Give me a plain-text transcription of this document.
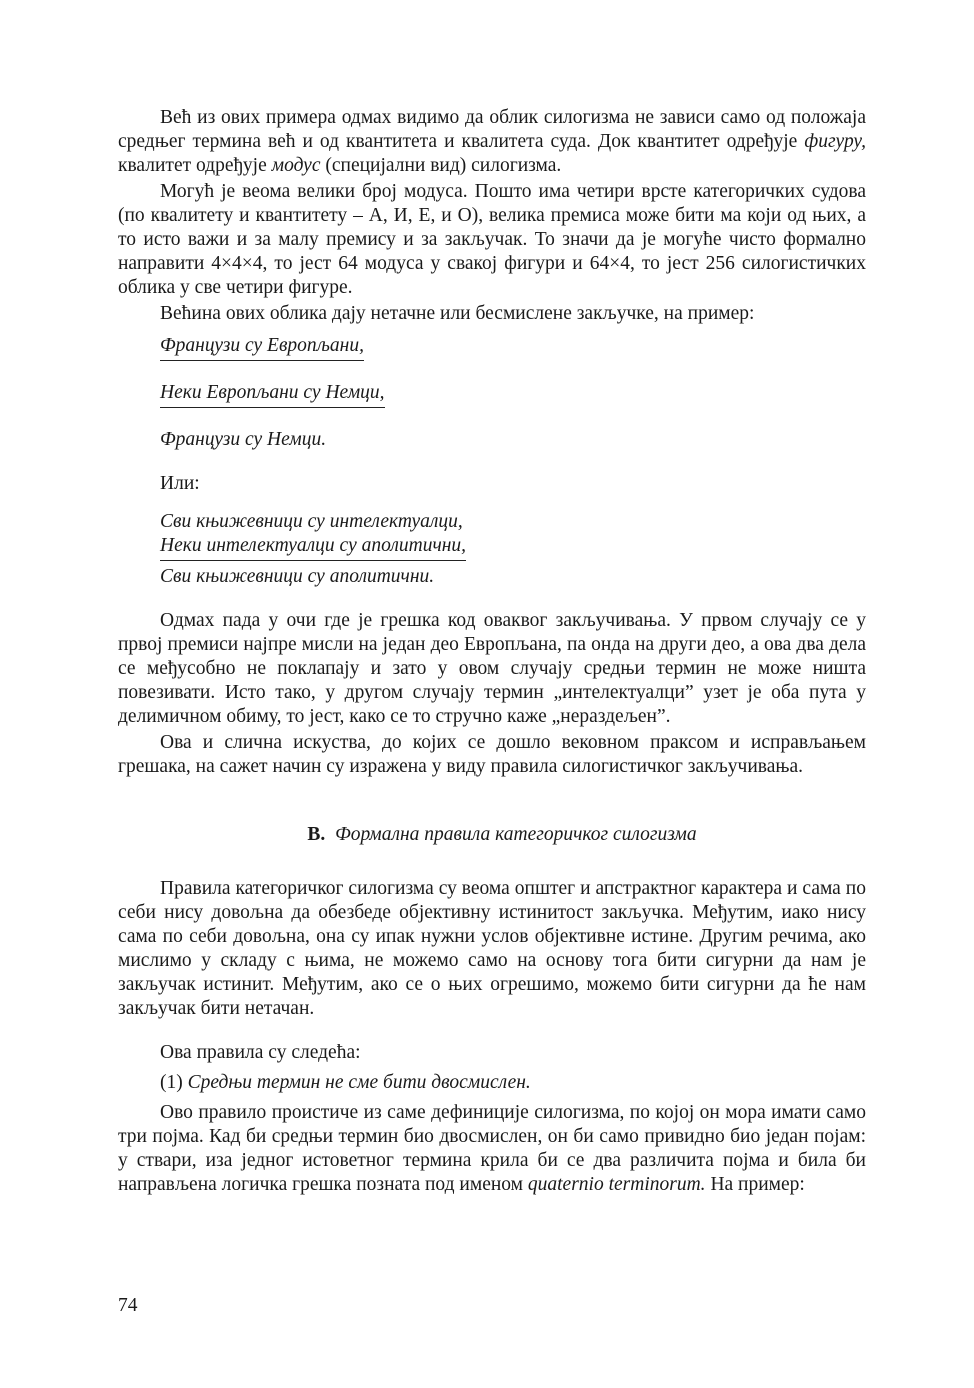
Већ из ових примера одмах видимо да облик силогизма не зависи само од положаја средњег термина већ и од квантитета и квалитета суда. Док квантитет одређује фигуру, квалитет одређује модус (специјални вид) силогизма.

Могућ је веома велики број модуса. Пошто има четири врсте категоричких судова (по квалитету и квантитету – А, И, Е, и О), велика премиса може бити ма који од њих, а то исто важи и за малу премису и за закључак. То значи да је могуће чисто формално направити 4×4×4, то јест 64 модуса у свакој фигури и 64×4, то јест 256 силогистичких облика у све четири фигуре.

Већина ових облика дају нетачне или бесмислене закључке, на пример:

Французи су Европљани,
Неки Европљани су Немци,
Французи су Немци.
Или:
Сви књижевници су интелектуалци,
Неки интелектуалци су аполитични,
Сви књижевници су аполитични.

Одмах пада у очи где је грешка код оваквог закључивања. У првом случају се у првој премиси најпре мисли на један део Европљана, па онда на други део, а ова два дела се међусобно не поклапају и зато у овом случају средњи термин не може ништа повезивати. Исто тако, у другом случају термин „интелектуалци” узет је оба пута у делимичном обиму, то јест, како се то стручно каже „нераздељен”.

Ова и слична искуства, до којих се дошло вековном праксом и исправљањем грешака, на сажет начин су изражена у виду правила силогистичког закључивања.

В. Формална правила категоричког силогизма

Правила категоричког силогизма су веома општег и апстрактног карактера и сама по себи нису довољна да обезбеде објективну истинитост закључка. Међутим, иако нису сама по себи довољна, она су ипак нужни услов објективне истине. Другим речима, ако мислимо у складу с њима, не можемо само на основу тога бити сигурни да нам је закључак истинит. Међутим, ако се о њих огрешимо, можемо бити сигурни да ће нам закључак бити нетачан.

Ова правила су следећа:

(1) Средњи термин не сме бити двосмислен.

Ово правило проистиче из саме дефиниције силогизма, по којој он мора имати само три појма. Кад би средњи термин био двосмислен, он би само привидно био један појам: у ствари, иза једног истоветног термина крила би се два различита појма и била би направљена логичка грешка позната под именом quaternio terminorum. На пример:

74
